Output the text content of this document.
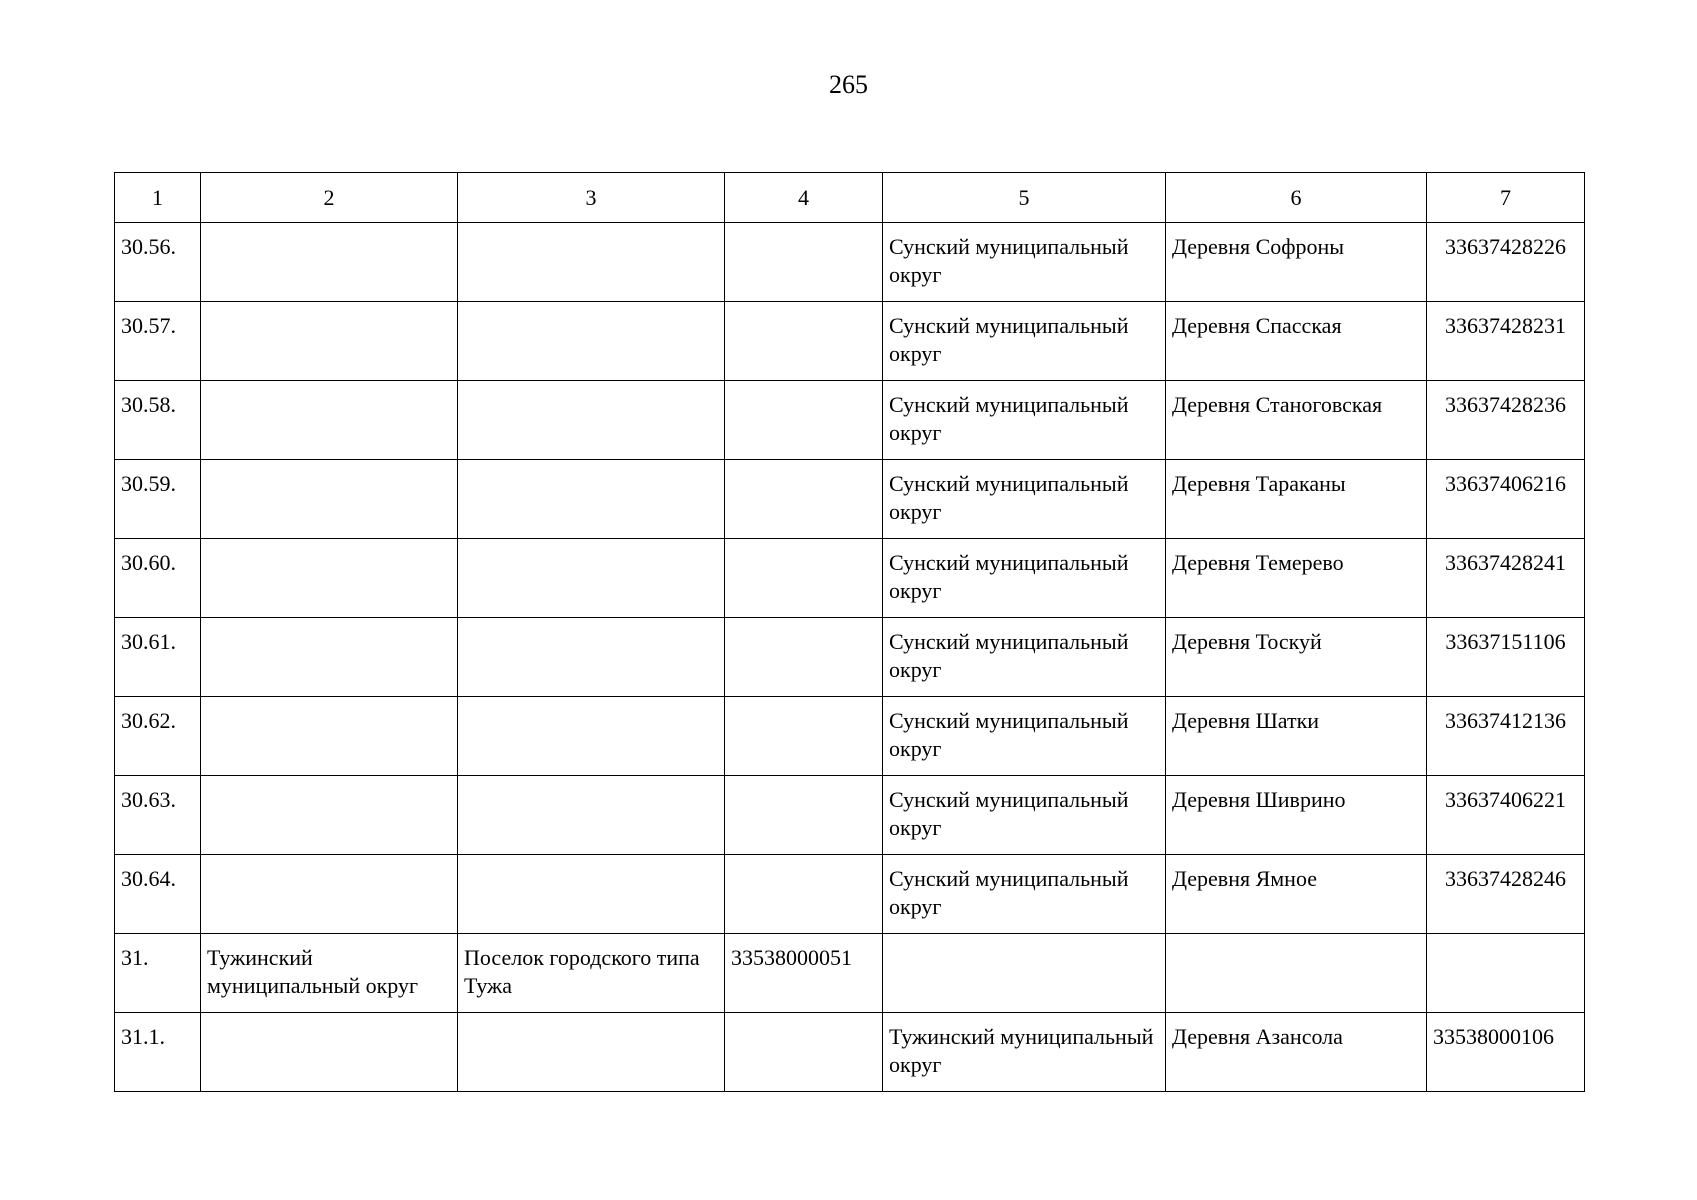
265
1	2	3	4	5	6	7
30.56.				Сунский муниципальный округ	Деревня Софроны	33637428226
30.57.				Сунский муниципальный округ	Деревня Спасская	33637428231
30.58.				Сунский муниципальный округ	Деревня Станоговская	33637428236
30.59.				Сунский муниципальный округ	Деревня Тараканы	33637406216
30.60.				Сунский муниципальный округ	Деревня Темерево	33637428241
30.61.				Сунский муниципальный округ	Деревня Тоскуй	33637151106
30.62.				Сунский муниципальный округ	Деревня Шатки	33637412136
30.63.				Сунский муниципальный округ	Деревня Шиврино	33637406221
30.64.				Сунский муниципальный округ	Деревня Ямное	33637428246
31.	Тужинский муниципальный округ	Поселок городского типа Тужа	33538000051			
31.1.				Тужинский муниципальный округ	Деревня Азансола	33538000106
